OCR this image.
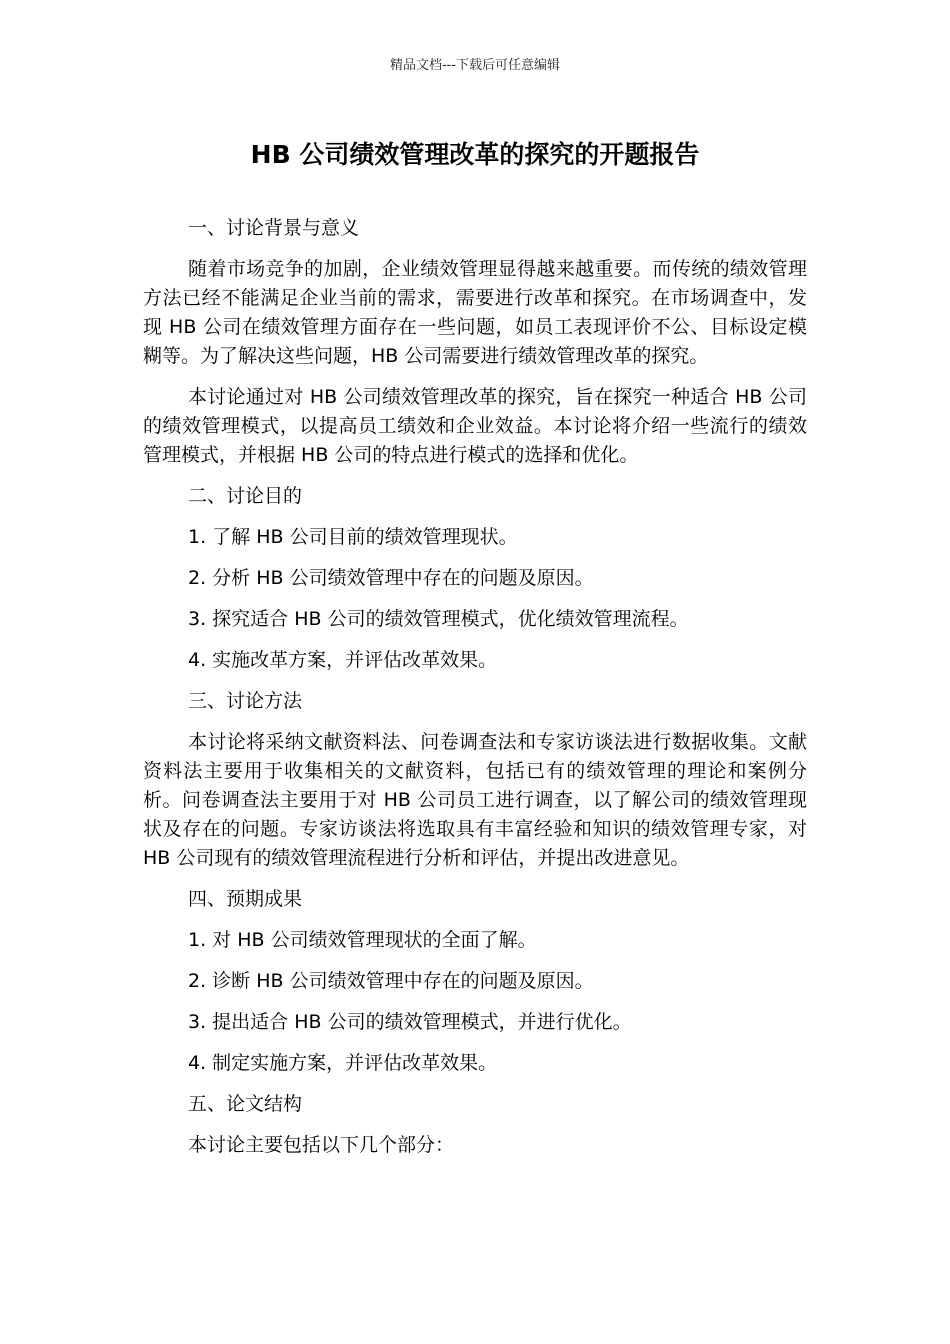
精品文档---下载后可任意编辑
HB 公司绩效管理改革的探究的开题报告

一、讨论背景与意义

随着市场竞争的加剧，企业绩效管理显得越来越重要。而传统的绩效管理方法已经不能满足企业当前的需求，需要进行改革和探究。在市场调查中，发现 HB 公司在绩效管理方面存在一些问题，如员工表现评价不公、目标设定模糊等。为了解决这些问题，HB 公司需要进行绩效管理改革的探究。

本讨论通过对 HB 公司绩效管理改革的探究，旨在探究一种适合 HB 公司的绩效管理模式，以提高员工绩效和企业效益。本讨论将介绍一些流行的绩效管理模式，并根据 HB 公司的特点进行模式的选择和优化。

二、讨论目的

1. 了解 HB 公司目前的绩效管理现状。

2. 分析 HB 公司绩效管理中存在的问题及原因。

3. 探究适合 HB 公司的绩效管理模式，优化绩效管理流程。

4. 实施改革方案，并评估改革效果。

三、讨论方法

本讨论将采纳文献资料法、问卷调查法和专家访谈法进行数据收集。文献资料法主要用于收集相关的文献资料，包括已有的绩效管理的理论和案例分析。问卷调查法主要用于对 HB 公司员工进行调查，以了解公司的绩效管理现状及存在的问题。专家访谈法将选取具有丰富经验和知识的绩效管理专家，对 HB 公司现有的绩效管理流程进行分析和评估，并提出改进意见。

四、预期成果

1. 对 HB 公司绩效管理现状的全面了解。

2. 诊断 HB 公司绩效管理中存在的问题及原因。

3. 提出适合 HB 公司的绩效管理模式，并进行优化。

4. 制定实施方案，并评估改革效果。

五、论文结构

本讨论主要包括以下几个部分：
